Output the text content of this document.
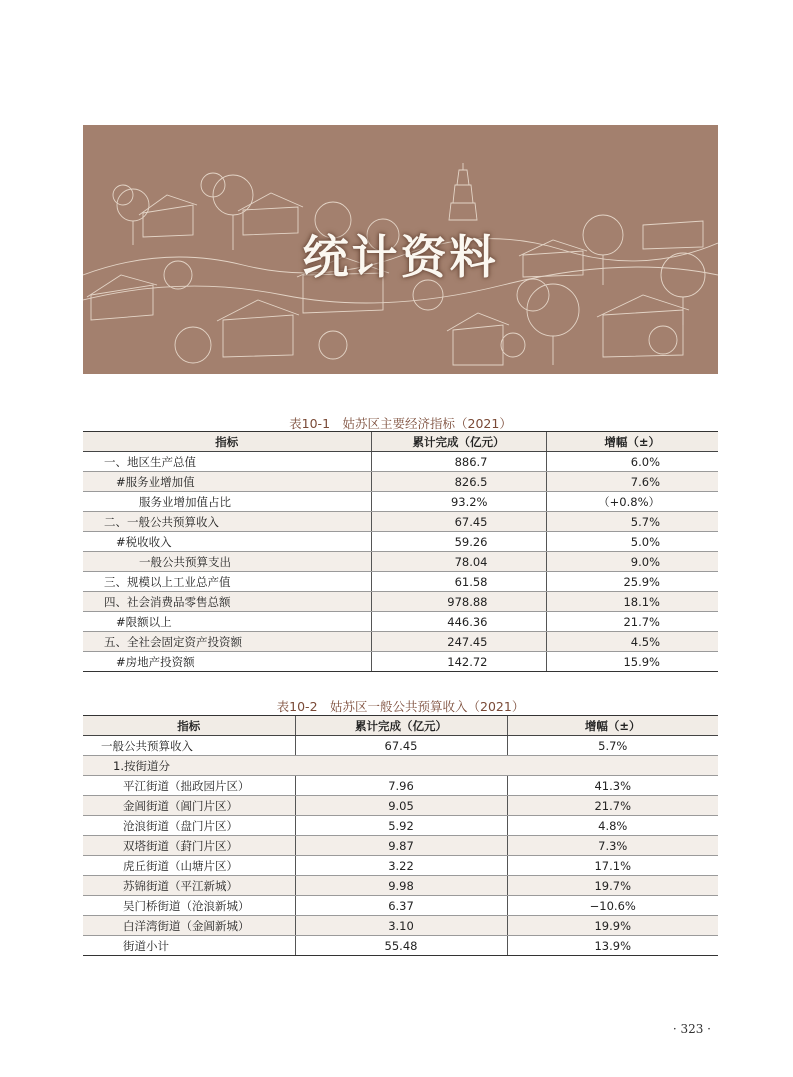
统计资料
表10-1　姑苏区主要经济指标（2021）
指标	累计完成（亿元）	增幅（±）
一、地区生产总值	886.7	6.0%
#服务业增加值	826.5	7.6%
服务业增加值占比	93.2%	（+0.8%）
二、一般公共预算收入	67.45	5.7%
#税收收入	59.26	5.0%
一般公共预算支出	78.04	9.0%
三、规模以上工业总产值	61.58	25.9%
四、社会消费品零售总额	978.88	18.1%
#限额以上	446.36	21.7%
五、全社会固定资产投资额	247.45	4.5%
#房地产投资额	142.72	15.9%
表10-2　姑苏区一般公共预算收入（2021）
指标	累计完成（亿元）	增幅（±）
一般公共预算收入	67.45	5.7%
1.按街道分		
平江街道（拙政园片区）	7.96	41.3%
金阊街道（阊门片区）	9.05	21.7%
沧浪街道（盘门片区）	5.92	4.8%
双塔街道（葑门片区）	9.87	7.3%
虎丘街道（山塘片区）	3.22	17.1%
苏锦街道（平江新城）	9.98	19.7%
吴门桥街道（沧浪新城）	6.37	−10.6%
白洋湾街道（金阊新城）	3.10	19.9%
街道小计	55.48	13.9%
· 323 ·
